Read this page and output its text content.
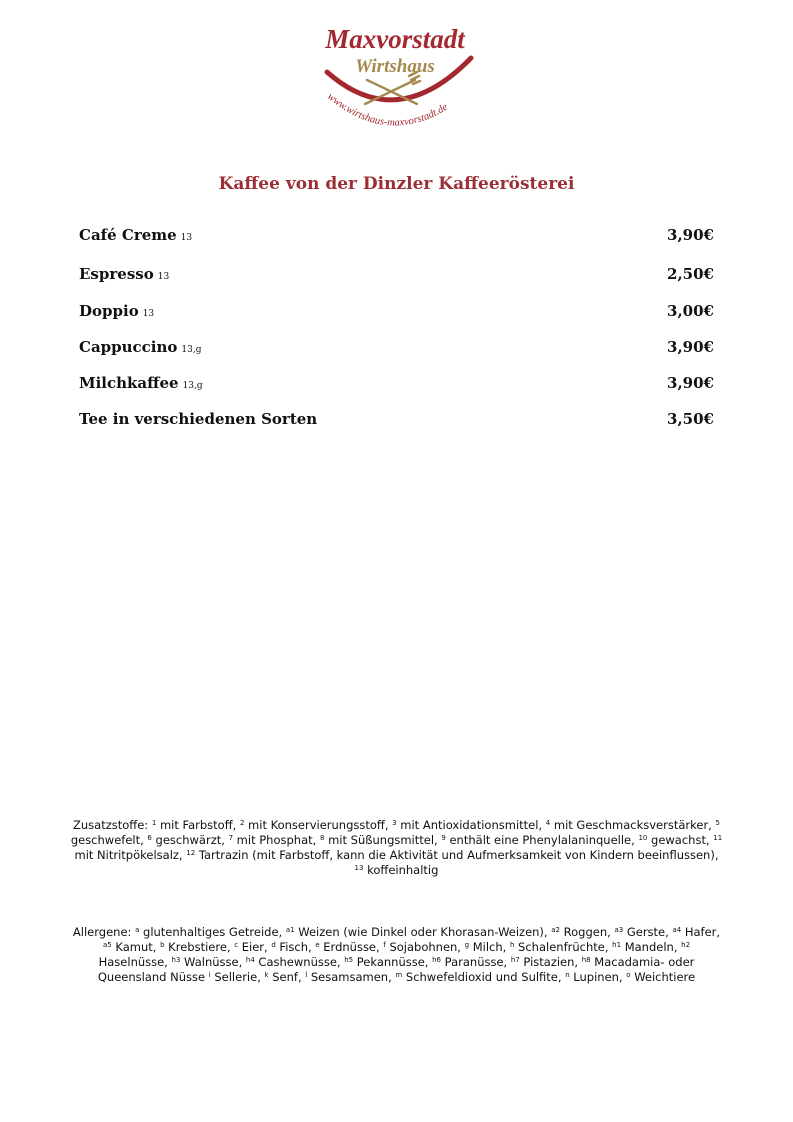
Maxvorstadt
Wirtshaus
www.wirtshaus-maxvorstadt.de
Kaffee von der Dinzler Kaffeerösterei
Café Creme 13	3,90€
Espresso 13	2,50€
Doppio 13	3,00€
Cappuccino 13,g	3,90€
Milchkaffee 13,g	3,90€
Tee in verschiedenen Sorten	3,50€
Zusatzstoffe: $^1$ mit Farbstoff, $^2$ mit Konservierungsstoff, $^3$ mit Antioxidationsmittel, $^4$ mit Geschmacksverstärker, $^5$ geschwefelt, $^6$ geschwärzt, $^7$ mit Phosphat, $^8$ mit Süßungsmittel, $^9$ enthält eine Phenylalaninquelle, $^{10}$ gewachst, $^{11}$ mit Nitritpökelsalz, $^{12}$ Tartrazin (mit Farbstoff, kann die Aktivität und Aufmerksamkeit von Kindern beeinflussen), $^{13}$ koffeinhaltig
Allergene: $^a$ glutenhaltiges Getreide, $^{a1}$ Weizen (wie Dinkel oder Khorasan-Weizen), $^{a2}$ Roggen, $^{a3}$ Gerste, $^{a4}$ Hafer, $^{a5}$ Kamut, $^b$ Krebstiere, $^c$ Eier, $^d$ Fisch, $^e$ Erdnüsse, $^f$ Sojabohnen, $^g$ Milch, $^h$ Schalenfrüchte, $^{h1}$ Mandeln, $^{h2}$ Haselnüsse, $^{h3}$ Walnüsse, $^{h4}$ Cashewnüsse, $^{h5}$ Pekannüsse, $^{h6}$ Paranüsse, $^{h7}$ Pistazien, $^{h8}$ Macadamia- oder Queensland Nüsse $^i$ Sellerie, $^k$ Senf, $^l$ Sesamsamen, $^m$ Schwefeldioxid und Sulfite, $^n$ Lupinen, $^o$ Weichtiere
